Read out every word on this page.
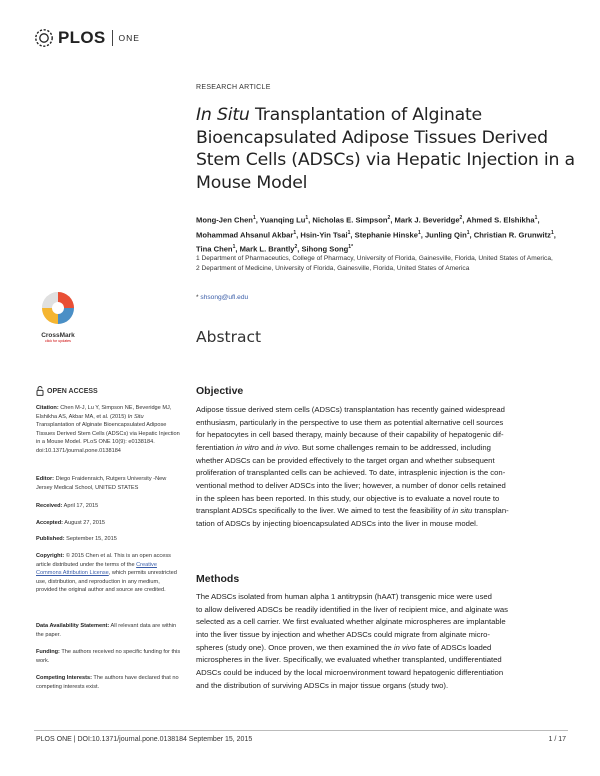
PLOS ONE
RESEARCH ARTICLE
In Situ Transplantation of Alginate Bioencapsulated Adipose Tissues Derived Stem Cells (ADSCs) via Hepatic Injection in a Mouse Model
Mong-Jen Chen$^1$, Yuanqing Lu$^1$, Nicholas E. Simpson$^2$, Mark J. Beveridge$^2$, Ahmed S. Elshikha$^1$, Mohammad Ahsanul Akbar$^1$, Hsin-Yin Tsai$^1$, Stephanie Hinske$^1$, Junling Qin$^1$, Christian R. Grunwitz$^1$, Tina Chen$^1$, Mark L. Brantly$^2$, Sihong Song$^{1*}$
1 Department of Pharmaceutics, College of Pharmacy, University of Florida, Gainesville, Florida, United States of America, 2 Department of Medicine, University of Florida, Gainesville, Florida, United States of America
* shsong@ufl.edu
Abstract
Objective
Adipose tissue derived stem cells (ADSCs) transplantation has recently gained widespread
enthusiasm, particularly in the perspective to use them as potential alternative cell sources
for hepatocytes in cell based therapy, mainly because of their capability of hepatogenic dif-
ferentiation in vitro and in vivo. But some challenges remain to be addressed, including
whether ADSCs can be provided effectively to the target organ and whether subsequent
proliferation of transplanted cells can be achieved. To date, intrasplenic injection is the con-
ventional method to deliver ADSCs into the liver; however, a number of donor cells retained
in the spleen has been reported. In this study, our objective is to evaluate a novel route to
transplant ADSCs specifically to the liver. We aimed to test the feasibility of in situ transplan-
tation of ADSCs by injecting bioencapsulated ADSCs into the liver in mouse model.
Methods
The ADSCs isolated from human alpha 1 antitrypsin (hAAT) transgenic mice were used
to allow delivered ADSCs be readily identified in the liver of recipient mice, and alginate was
selected as a cell carrier. We first evaluated whether alginate microspheres are implantable
into the liver tissue by injection and whether ADSCs could migrate from alginate micro-
spheres (study one). Once proven, we then examined the in vivo fate of ADSCs loaded
microspheres in the liver. Specifically, we evaluated whether transplanted, undifferentiated
ADSCs could be induced by the local microenvironment toward hepatogenic differentiation
and the distribution of surviving ADSCs in major tissue organs (study two).
CrossMark
click for updates
OPEN ACCESS
Citation: Chen M-J, Lu Y, Simpson NE, Beveridge MJ, Elshikha AS, Akbar MA, et al. (2015) In Situ Transplantation of Alginate Bioencapsulated Adipose Tissues Derived Stem Cells (ADSCs) via Hepatic Injection in a Mouse Model. PLoS ONE 10(9): e0138184. doi:10.1371/journal.pone.0138184
Editor: Diego Fraidenraich, Rutgers University -New Jersey Medical School, UNITED STATES
Received: April 17, 2015
Accepted: August 27, 2015
Published: September 15, 2015
Copyright: © 2015 Chen et al. This is an open access article distributed under the terms of the Creative Commons Attribution License, which permits unrestricted use, distribution, and reproduction in any medium, provided the original author and source are credited.
Data Availability Statement: All relevant data are within the paper.
Funding: The authors received no specific funding for this work.
Competing Interests: The authors have declared that no competing interests exist.
PLOS ONE | DOI:10.1371/journal.pone.0138184 September 15, 2015	1 / 17
